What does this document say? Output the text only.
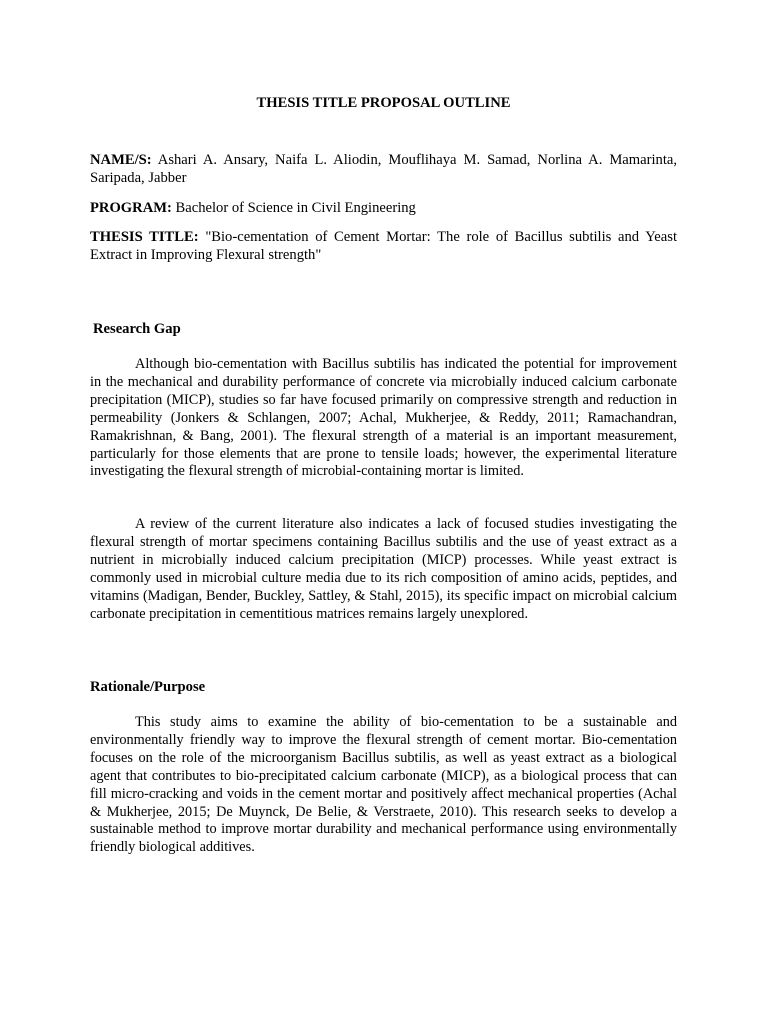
THESIS TITLE PROPOSAL OUTLINE

NAME/S: Ashari A. Ansary, Naifa L. Aliodin, Mouflihaya M. Samad, Norlina A. Mamarinta, Saripada, Jabber

PROGRAM: Bachelor of Science in Civil Engineering

THESIS TITLE: "Bio-cementation of Cement Mortar: The role of Bacillus subtilis and Yeast Extract in Improving Flexural strength"

Research Gap

Although bio-cementation with Bacillus subtilis has indicated the potential for improvement in the mechanical and durability performance of concrete via microbially induced calcium carbonate precipitation (MICP), studies so far have focused primarily on compressive strength and reduction in permeability (Jonkers & Schlangen, 2007; Achal, Mukherjee, & Reddy, 2011; Ramachandran, Ramakrishnan, & Bang, 2001). The flexural strength of a material is an important measurement, particularly for those elements that are prone to tensile loads; however, the experimental literature investigating the flexural strength of microbial-containing mortar is limited.

A review of the current literature also indicates a lack of focused studies investigating the flexural strength of mortar specimens containing Bacillus subtilis and the use of yeast extract as a nutrient in microbially induced calcium precipitation (MICP) processes. While yeast extract is commonly used in microbial culture media due to its rich composition of amino acids, peptides, and vitamins (Madigan, Bender, Buckley, Sattley, & Stahl, 2015), its specific impact on microbial calcium carbonate precipitation in cementitious matrices remains largely unexplored.

Rationale/Purpose

This study aims to examine the ability of bio-cementation to be a sustainable and environmentally friendly way to improve the flexural strength of cement mortar. Bio-cementation focuses on the role of the microorganism Bacillus subtilis, as well as yeast extract as a biological agent that contributes to bio-precipitated calcium carbonate (MICP), as a biological process that can fill micro-cracking and voids in the cement mortar and positively affect mechanical properties (Achal & Mukherjee, 2015; De Muynck, De Belie, & Verstraete, 2010). This research seeks to develop a sustainable method to improve mortar durability and mechanical performance using environmentally friendly biological additives.
